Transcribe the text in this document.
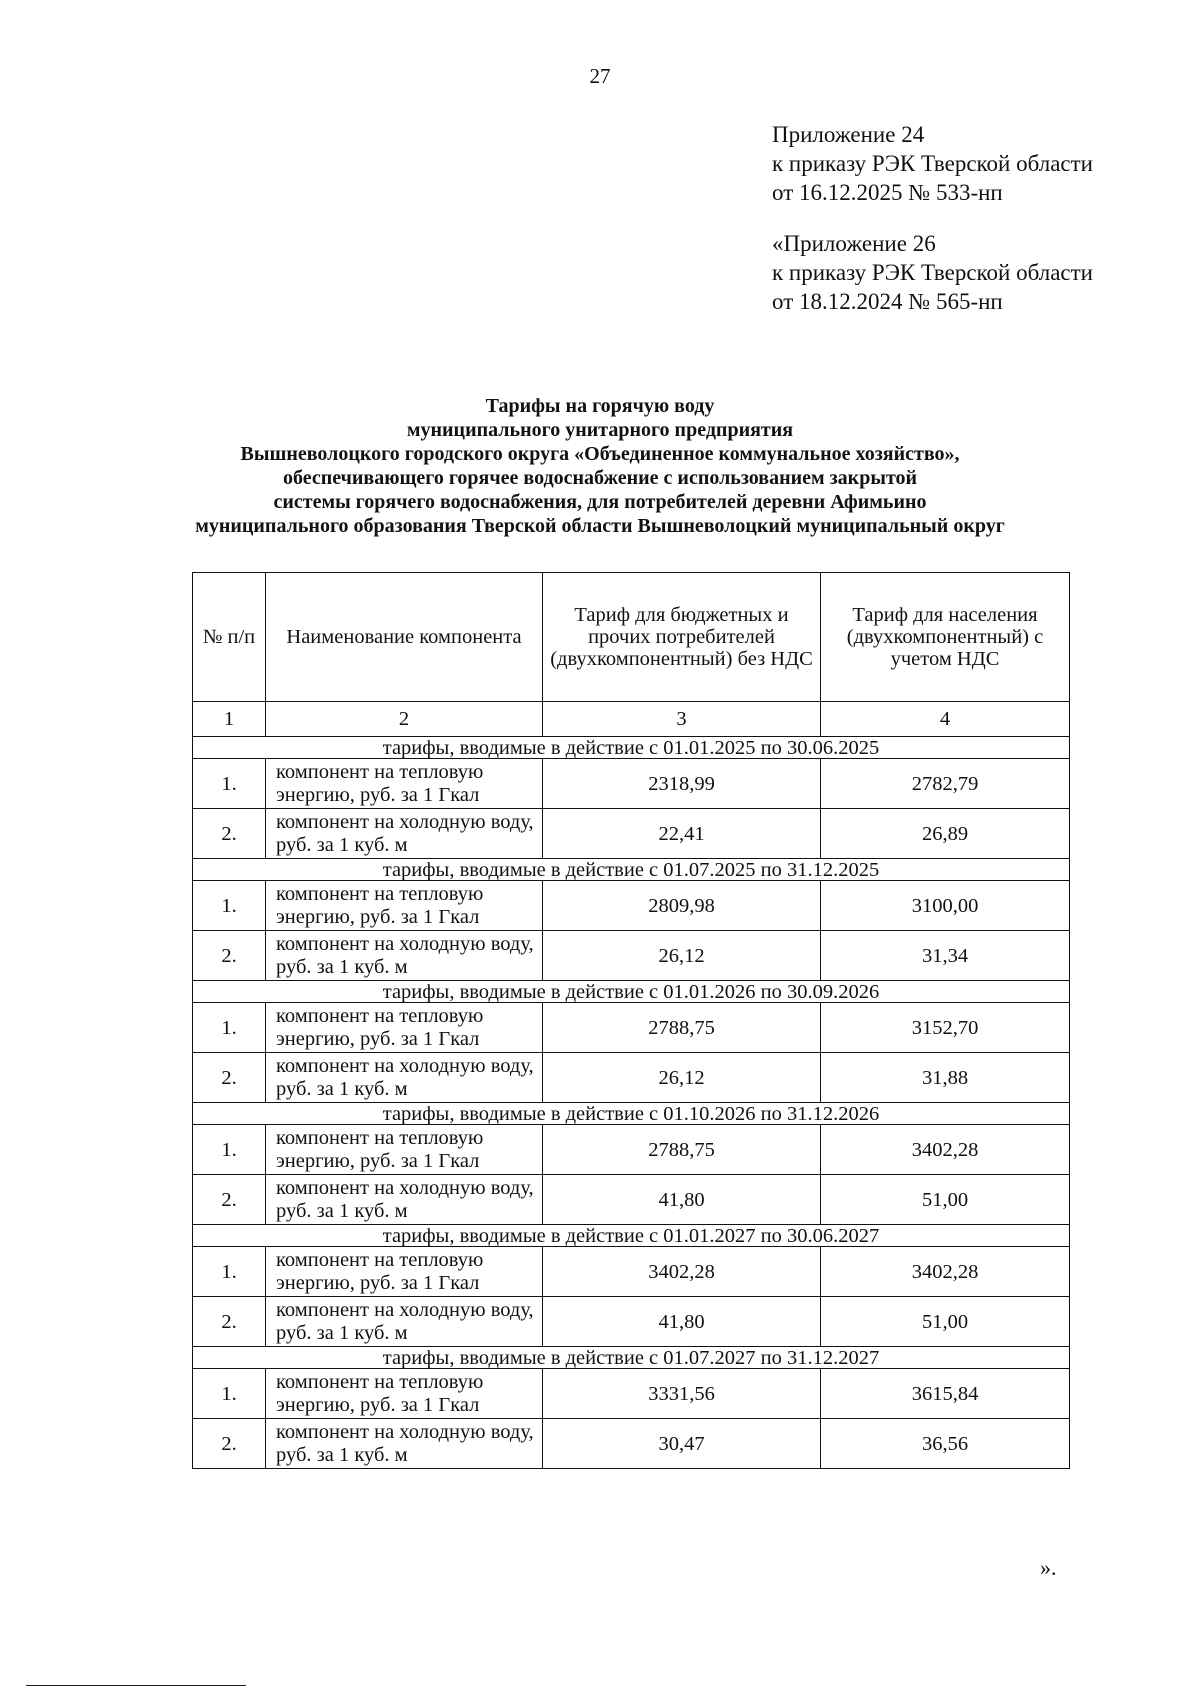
27
Приложение 24
к приказу РЭК Тверской области
от 16.12.2025 № 533-нп
«Приложение 26
к приказу РЭК Тверской области
от 18.12.2024 № 565-нп
Тарифы на горячую воду
муниципального унитарного предприятия
Вышневолоцкого городского округа «Объединенное коммунальное хозяйство»,
обеспечивающего горячее водоснабжение с использованием закрытой
системы горячего водоснабжения, для потребителей деревни Афимьино
муниципального образования Тверской области Вышневолоцкий муниципальный округ
№ п/п	Наименование компонента	Тариф для бюджетных и прочих потребителей (двухкомпонентный) без НДС	Тариф для населения (двухкомпонентный) с учетом НДС
1	2	3	4
тарифы, вводимые в действие с 01.01.2025 по 30.06.2025			
1.	компонент на тепловую энергию, руб. за 1 Гкал	2318,99	2782,79
2.	компонент на холодную воду, руб. за 1 куб. м	22,41	26,89
тарифы, вводимые в действие с 01.07.2025 по 31.12.2025			
1.	компонент на тепловую энергию, руб. за 1 Гкал	2809,98	3100,00
2.	компонент на холодную воду, руб. за 1 куб. м	26,12	31,34
тарифы, вводимые в действие с 01.01.2026 по 30.09.2026			
1.	компонент на тепловую энергию, руб. за 1 Гкал	2788,75	3152,70
2.	компонент на холодную воду, руб. за 1 куб. м	26,12	31,88
тарифы, вводимые в действие с 01.10.2026 по 31.12.2026			
1.	компонент на тепловую энергию, руб. за 1 Гкал	2788,75	3402,28
2.	компонент на холодную воду, руб. за 1 куб. м	41,80	51,00
тарифы, вводимые в действие с 01.01.2027 по 30.06.2027			
1.	компонент на тепловую энергию, руб. за 1 Гкал	3402,28	3402,28
2.	компонент на холодную воду, руб. за 1 куб. м	41,80	51,00
тарифы, вводимые в действие с 01.07.2027 по 31.12.2027			
1.	компонент на тепловую энергию, руб. за 1 Гкал	3331,56	3615,84
2.	компонент на холодную воду, руб. за 1 куб. м	30,47	36,56
».
